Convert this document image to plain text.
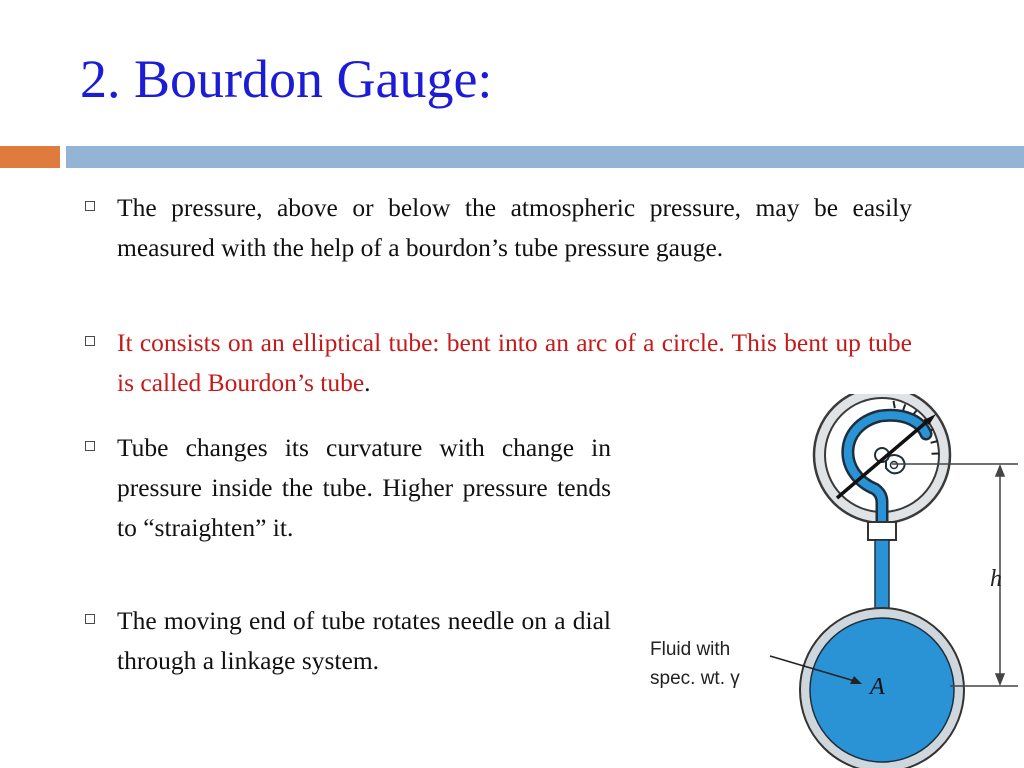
2. Bourdon Gauge:
The pressure, above or below the atmospheric pressure, may be easily measured with the help of a bourdon’s tube pressure gauge.
It consists on an elliptical tube: bent into an arc of a circle. This bent up tube is called Bourdon’s tube.
Tube changes its curvature with change in pressure inside the tube. Higher pressure tends to “straighten” it.
The moving end of tube rotates needle on a dial through a linkage system.
h
Fluid with
spec. wt. γ	A
